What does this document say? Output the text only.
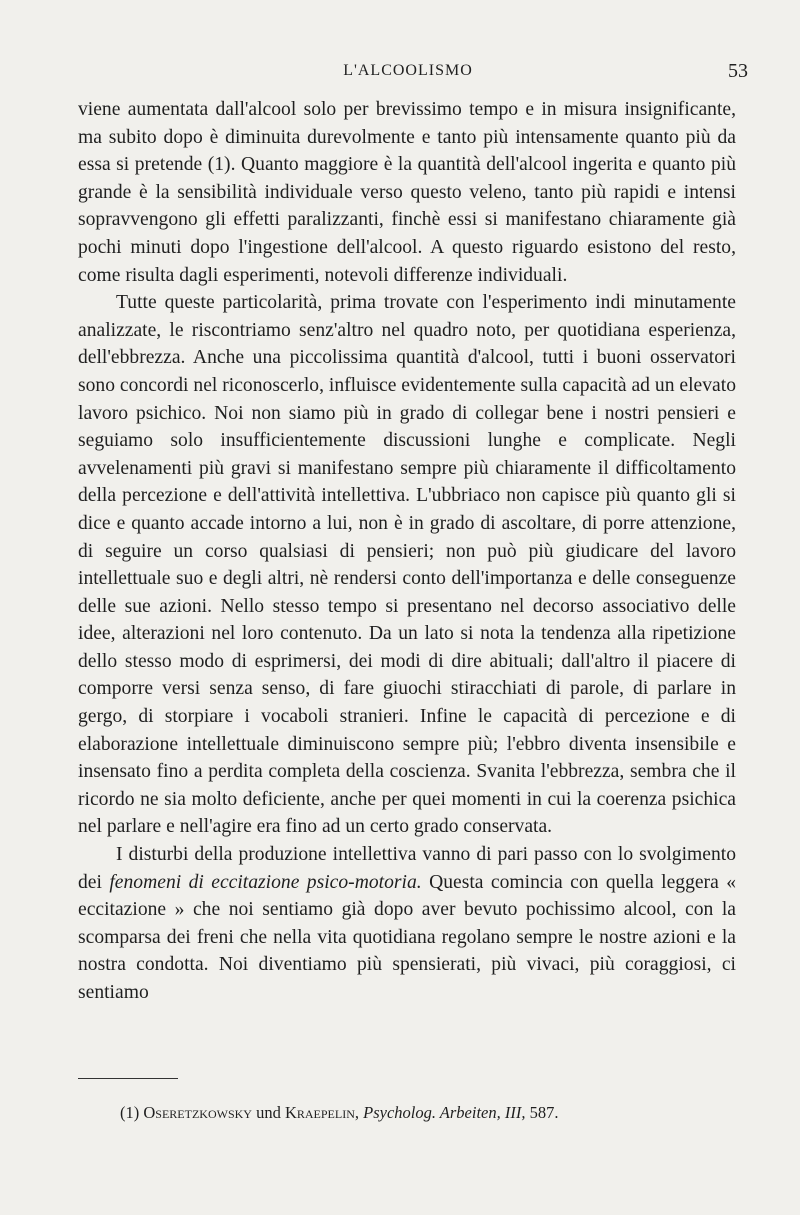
L'ALCOOLISMO	53

viene aumentata dall'alcool solo per brevissimo tempo e in misura insignificante, ma subito dopo è diminuita durevolmente e tanto più intensamente quanto più da essa si pretende (1). Quanto maggiore è la quantità dell'alcool ingerita e quanto più grande è la sensibilità individuale verso questo veleno, tanto più rapidi e intensi sopravvengono gli effetti paralizzanti, finchè essi si manifestano chiaramente già pochi minuti dopo l'ingestione dell'alcool. A questo riguardo esistono del resto, come risulta dagli esperimenti, notevoli differenze individuali.

Tutte queste particolarità, prima trovate con l'esperimento indi minutamente analizzate, le riscontriamo senz'altro nel quadro noto, per quotidiana esperienza, dell'ebbrezza. Anche una piccolissima quantità d'alcool, tutti i buoni osservatori sono concordi nel riconoscerlo, influisce evidentemente sulla capacità ad un elevato lavoro psichico. Noi non siamo più in grado di collegar bene i nostri pensieri e seguiamo solo insufficientemente discussioni lunghe e complicate. Negli avvelenamenti più gravi si manifestano sempre più chiaramente il difficoltamento della percezione e dell'attività intellettiva. L'ubbriaco non capisce più quanto gli si dice e quanto accade intorno a lui, non è in grado di ascoltare, di porre attenzione, di seguire un corso qualsiasi di pensieri; non può più giudicare del lavoro intellettuale suo e degli altri, nè rendersi conto dell'importanza e delle conseguenze delle sue azioni. Nello stesso tempo si presentano nel decorso associativo delle idee, alterazioni nel loro contenuto. Da un lato si nota la tendenza alla ripetizione dello stesso modo di esprimersi, dei modi di dire abituali; dall'altro il piacere di comporre versi senza senso, di fare giuochi stiracchiati di parole, di parlare in gergo, di storpiare i vocaboli stranieri. Infine le capacità di percezione e di elaborazione intellettuale diminuiscono sempre più; l'ebbro diventa insensibile e insensato fino a perdita completa della coscienza. Svanita l'ebbrezza, sembra che il ricordo ne sia molto deficiente, anche per quei momenti in cui la coerenza psichica nel parlare e nell'agire era fino ad un certo grado conservata.

I disturbi della produzione intellettiva vanno di pari passo con lo svolgimento dei fenomeni di eccitazione psico-motoria. Questa comincia con quella leggera « eccitazione » che noi sentiamo già dopo aver bevuto pochissimo alcool, con la scomparsa dei freni che nella vita quotidiana regolano sempre le nostre azioni e la nostra condotta. Noi diventiamo più spensierati, più vivaci, più coraggiosi, ci sentiamo

(1) Oseretzkowsky und Kraepelin, Psycholog. Arbeiten, III, 587.
